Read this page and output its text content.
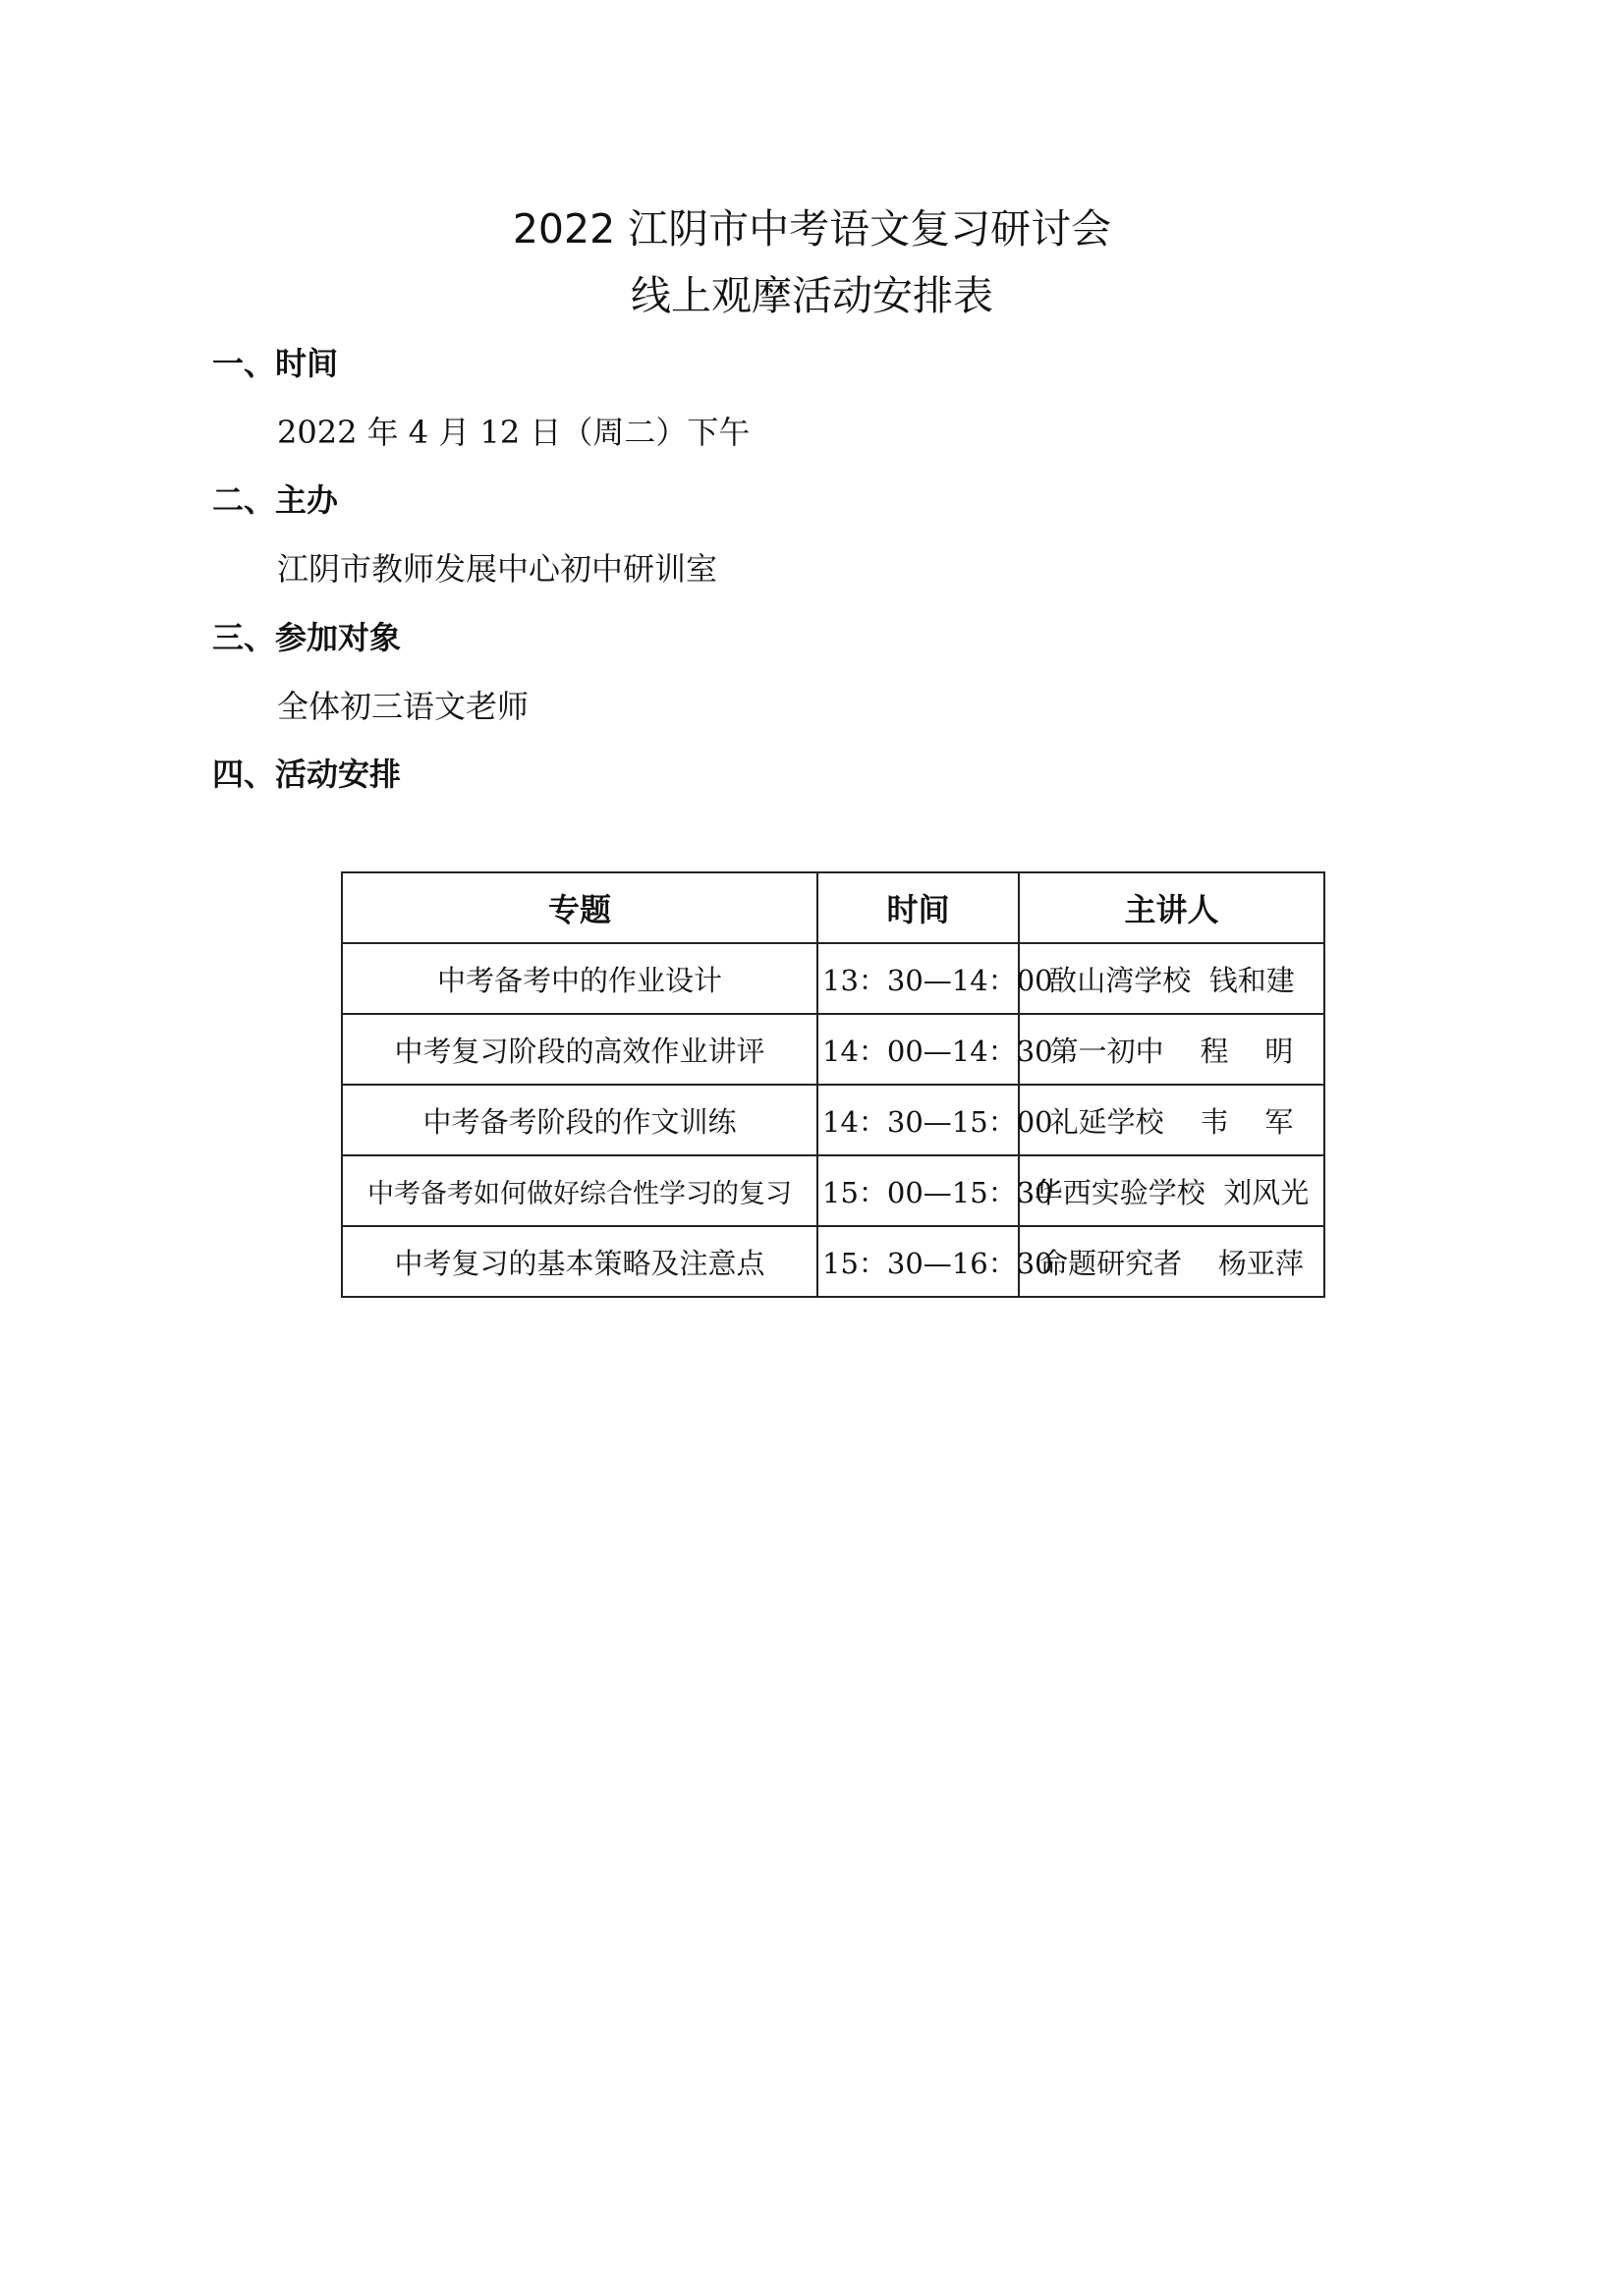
2022 江阴市中考语文复习研讨会
线上观摩活动安排表
一、时间
2022 年 4 月 12 日（周二）下午
二、主办
江阴市教师发展中心初中研训室
三、参加对象
全体初三语文老师
四、活动安排
专题	时间	主讲人
中考备考中的作业设计	13：30—14：00	敔山湾学校  钱和建
中考复习阶段的高效作业讲评	14：00—14：30	第一初中    程    明
中考备考阶段的作文训练	14：30—15：00	礼延学校    韦    军
中考备考如何做好综合性学习的复习	15：00—15：30	华西实验学校  刘风光
中考复习的基本策略及注意点	15：30—16：30	命题研究者    杨亚萍
